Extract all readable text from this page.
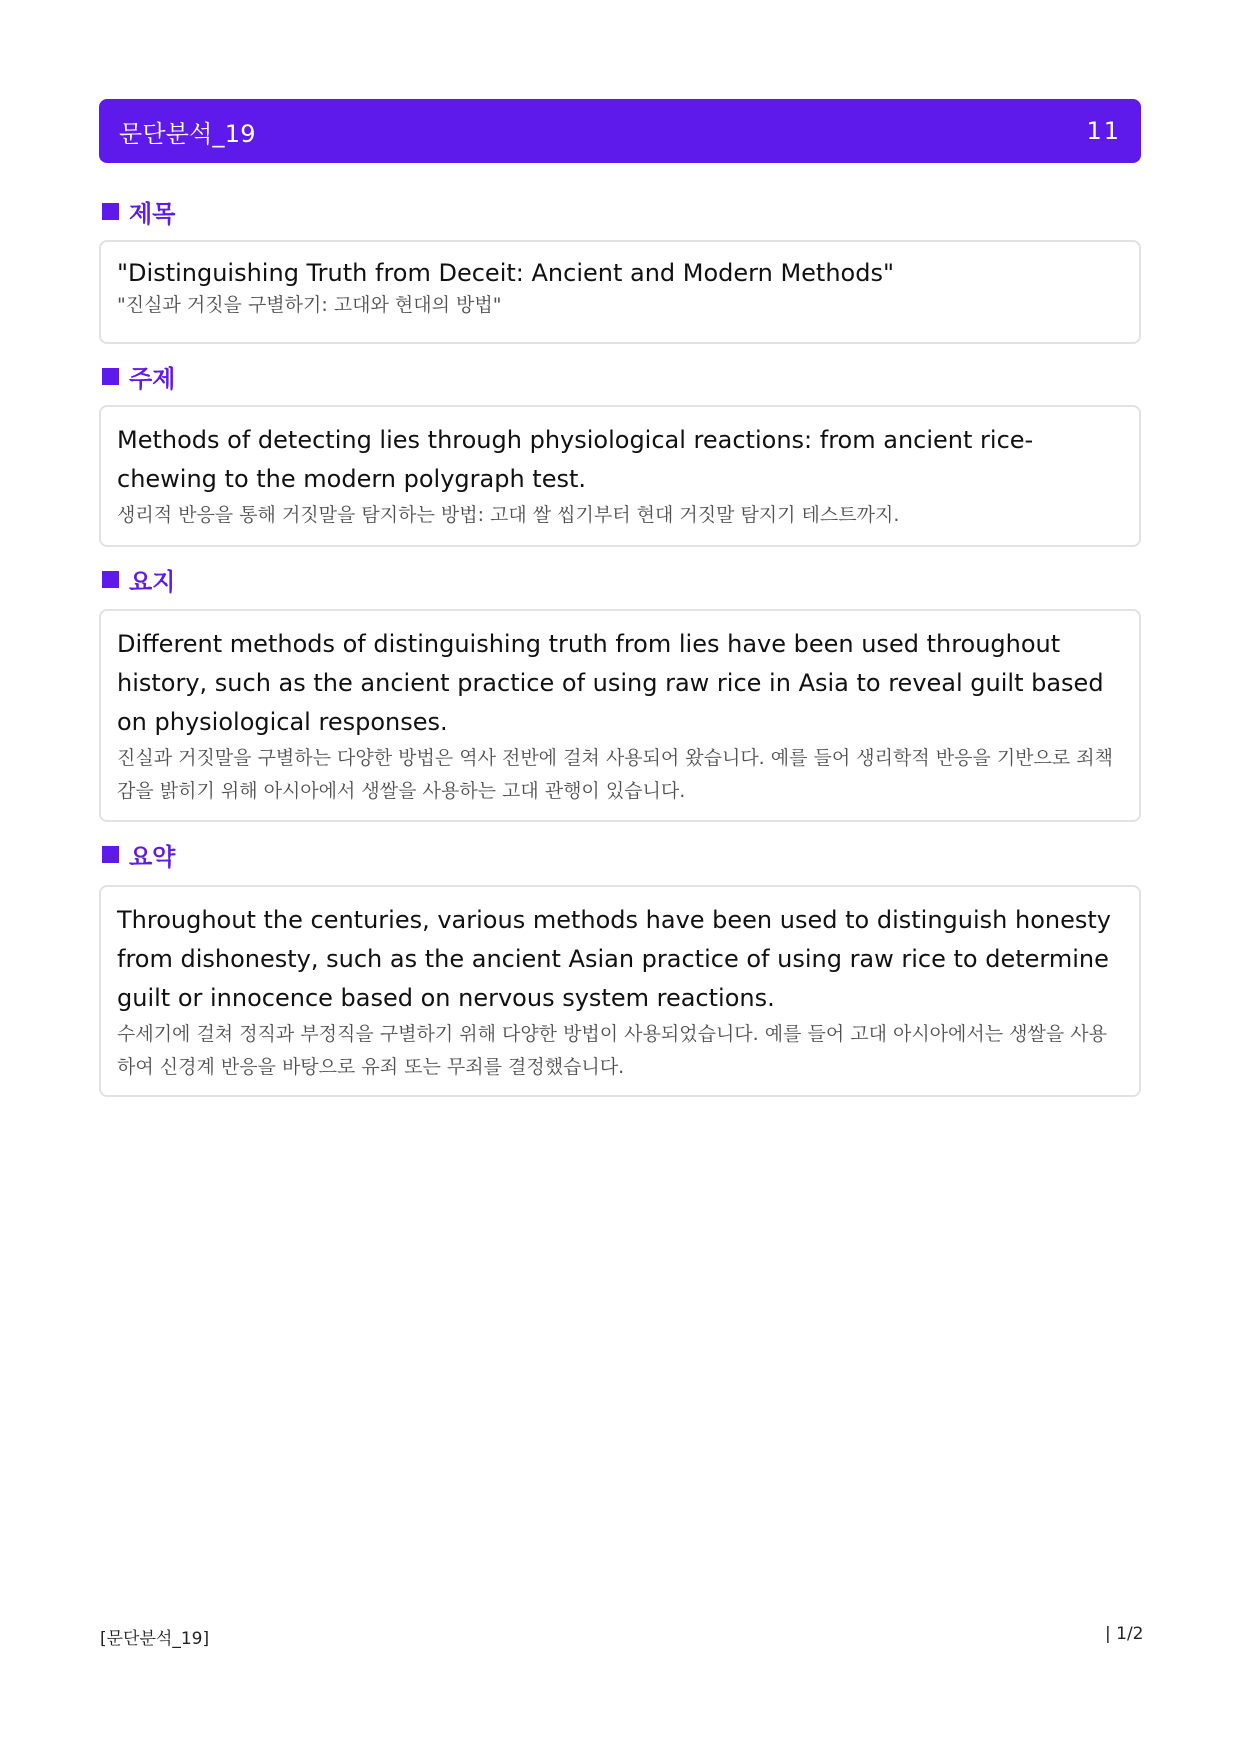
문단분석_19	11
제목

"Distinguishing Truth from Deceit: Ancient and Modern Methods"

"진실과 거짓을 구별하기: 고대와 현대의 방법"

주제

Methods of detecting lies through physiological reactions: from ancient rice-chewing to the modern polygraph test.

생리적 반응을 통해 거짓말을 탐지하는 방법: 고대 쌀 씹기부터 현대 거짓말 탐지기 테스트까지.

요지

Different methods of distinguishing truth from lies have been used throughout history, such as the ancient practice of using raw rice in Asia to reveal guilt based on physiological responses.

진실과 거짓말을 구별하는 다양한 방법은 역사 전반에 걸쳐 사용되어 왔습니다. 예를 들어 생리학적 반응을 기반으로 죄책감을 밝히기 위해 아시아에서 생쌀을 사용하는 고대 관행이 있습니다.

요약

Throughout the centuries, various methods have been used to distinguish honesty from dishonesty, such as the ancient Asian practice of using raw rice to determine guilt or innocence based on nervous system reactions.

수세기에 걸쳐 정직과 부정직을 구별하기 위해 다양한 방법이 사용되었습니다. 예를 들어 고대 아시아에서는 생쌀을 사용하여 신경계 반응을 바탕으로 유죄 또는 무죄를 결정했습니다.

[문단분석_19]	| 1/2
